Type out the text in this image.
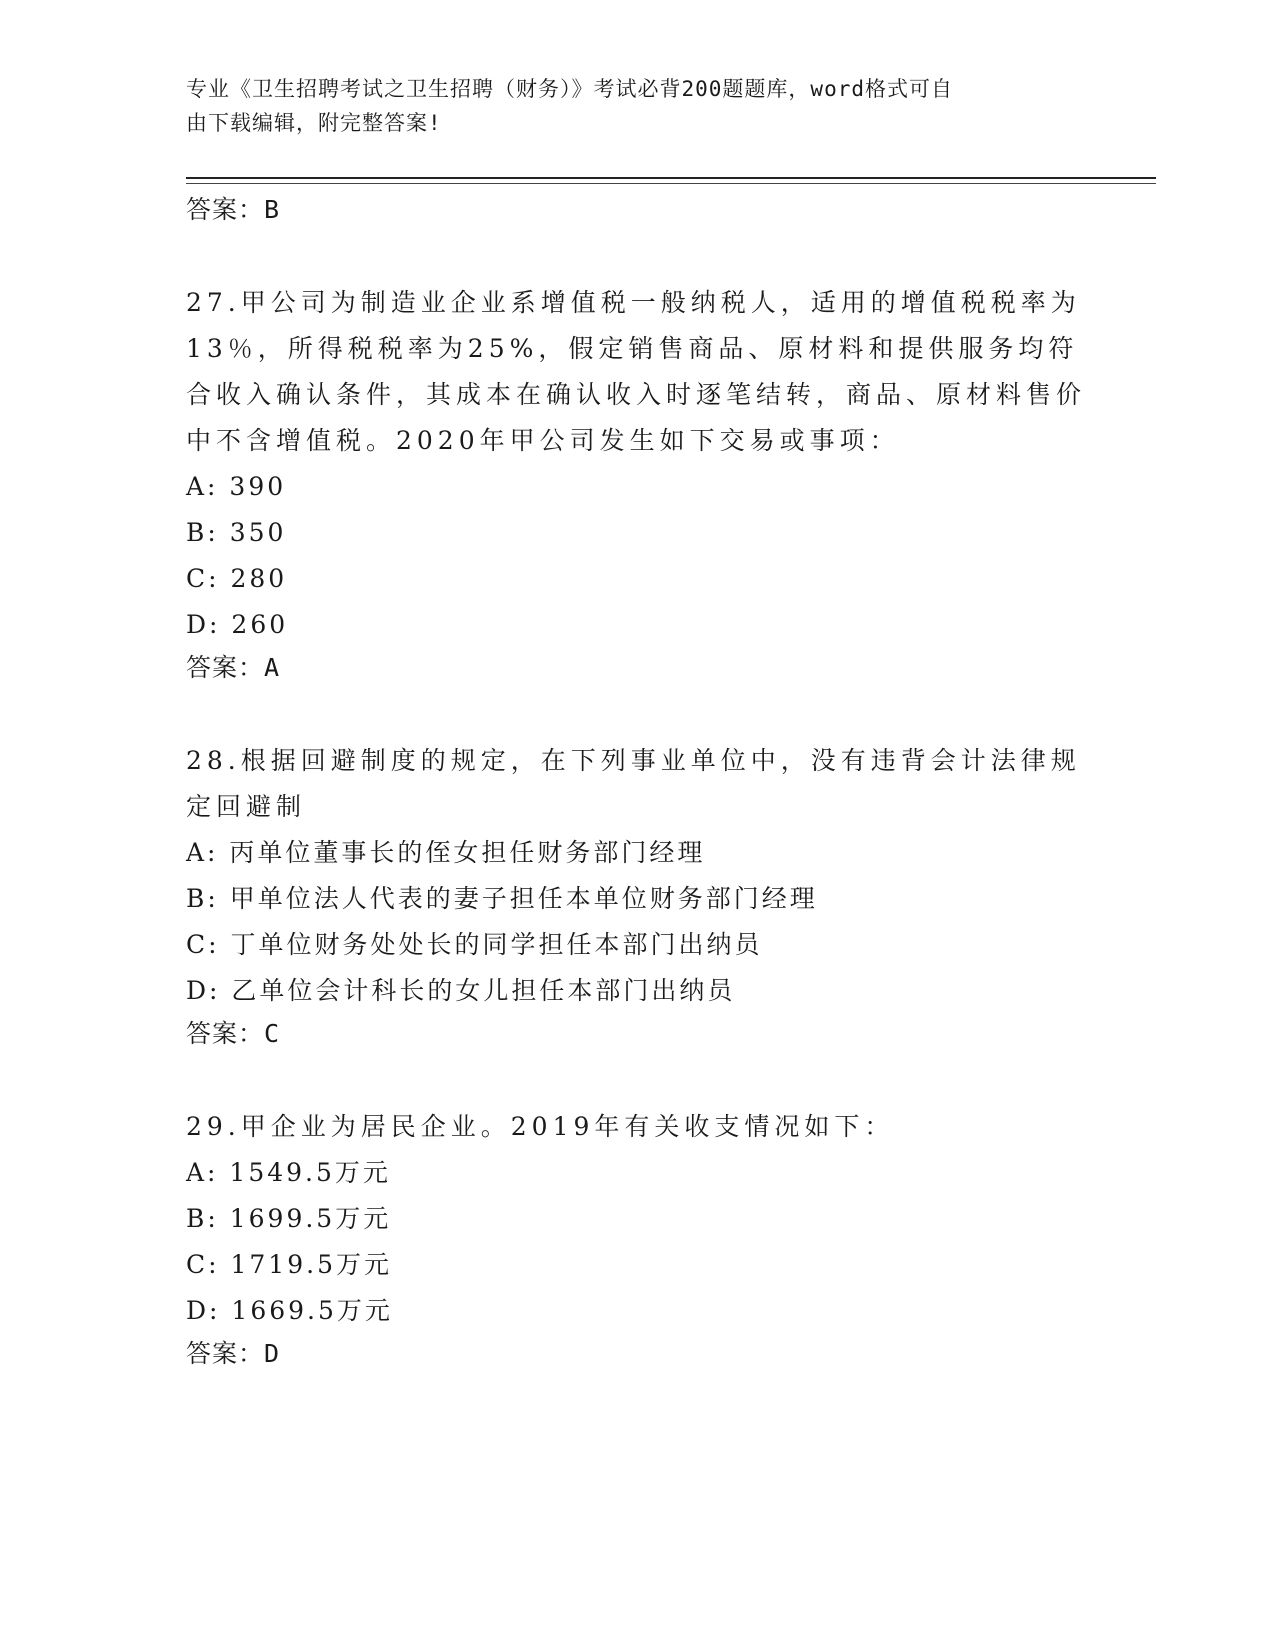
专业《卫生招聘考试之卫生招聘（财务）》考试必背200题题库，word格式可自
由下载编辑，附完整答案!
答案：B
27.甲公司为制造业企业系增值税一般纳税人，适用的增值税税率为13％，所得税税率为25%，假定销售商品、原材料和提供服务均符合收入确认条件，其成本在确认收入时逐笔结转，商品、原材料售价中不含增值税。2020年甲公司发生如下交易或事项：
A: 390
B: 350
C: 280
D: 260
答案：A
28.根据回避制度的规定，在下列事业单位中，没有违背会计法律规定回避制
A: 丙单位董事长的侄女担任财务部门经理
B: 甲单位法人代表的妻子担任本单位财务部门经理
C: 丁单位财务处处长的同学担任本部门出纳员
D: 乙单位会计科长的女儿担任本部门出纳员
答案：C
29.甲企业为居民企业。2019年有关收支情况如下：
A: 1549.5万元
B: 1699.5万元
C: 1719.5万元
D: 1669.5万元
答案：D
